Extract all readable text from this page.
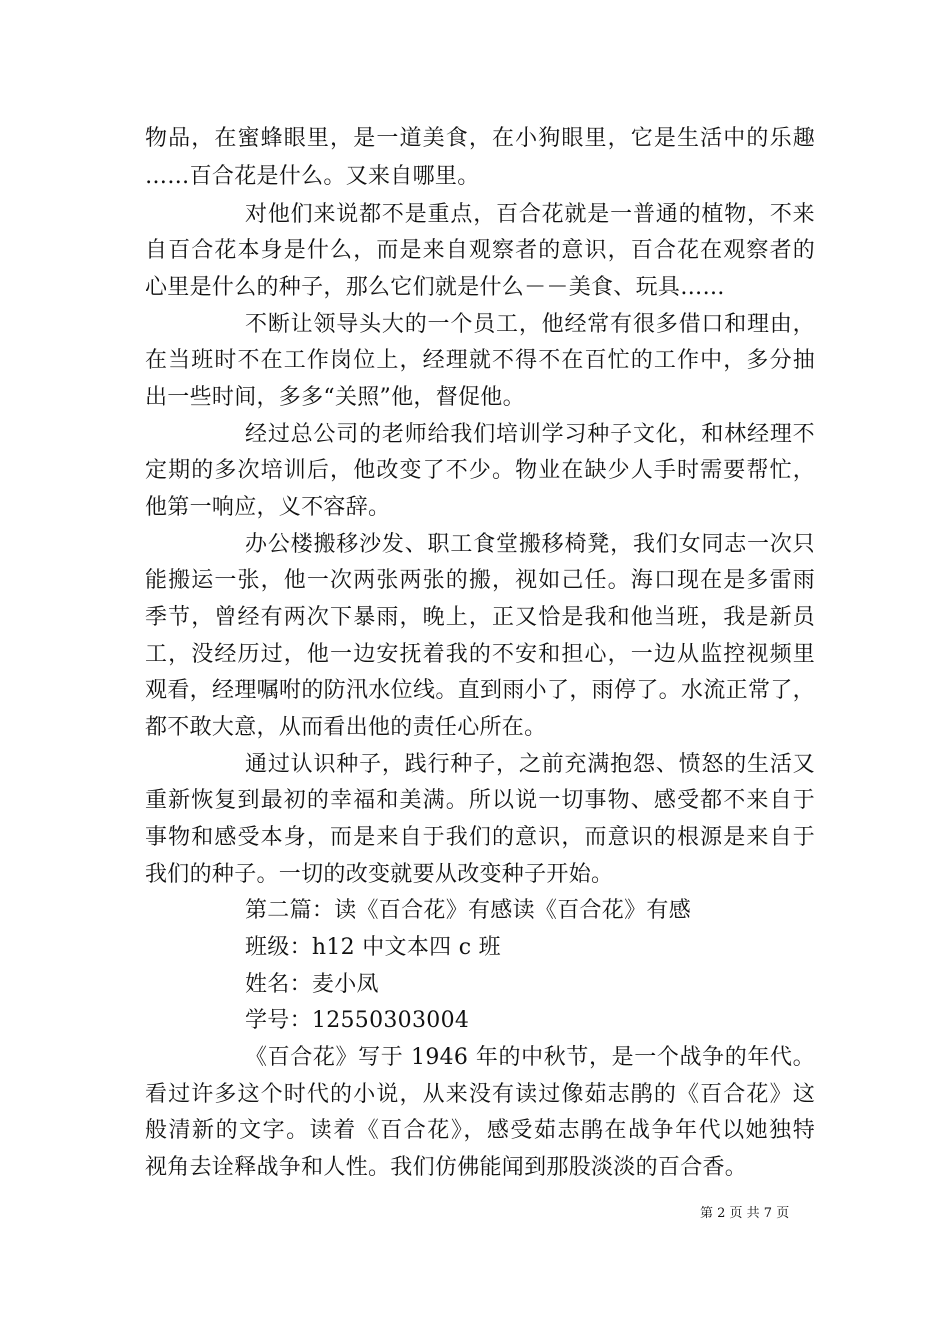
物品，在蜜蜂眼里，是一道美食，在小狗眼里，它是生活中的乐趣
……百合花是什么。又来自哪里。
对他们来说都不是重点，百合花就是一普通的植物，不来
自百合花本身是什么，而是来自观察者的意识，百合花在观察者的
心里是什么的种子，那么它们就是什么－－美食、玩具……
不断让领导头大的一个员工，他经常有很多借口和理由，
在当班时不在工作岗位上，经理就不得不在百忙的工作中，多分抽
出一些时间，多多“关照”他，督促他。
经过总公司的老师给我们培训学习种子文化，和林经理不
定期的多次培训后，他改变了不少。物业在缺少人手时需要帮忙，
他第一响应，义不容辞。
办公楼搬移沙发、职工食堂搬移椅凳，我们女同志一次只
能搬运一张，他一次两张两张的搬，视如己任。海口现在是多雷雨
季节，曾经有两次下暴雨，晚上，正又恰是我和他当班，我是新员
工，没经历过，他一边安抚着我的不安和担心，一边从监控视频里
观看，经理嘱咐的防汛水位线。直到雨小了，雨停了。水流正常了，
都不敢大意，从而看出他的责任心所在。
通过认识种子，践行种子，之前充满抱怨、愤怒的生活又
重新恢复到最初的幸福和美满。所以说一切事物、感受都不来自于
事物和感受本身，而是来自于我们的意识，而意识的根源是来自于
我们的种子。一切的改变就要从改变种子开始。
第二篇：读《百合花》有感读《百合花》有感
班级：h12 中文本四 c 班
姓名：麦小凤
学号：12550303004
《百合花》写于 1946 年的中秋节，是一个战争的年代。
看过许多这个时代的小说，从来没有读过像茹志鹃的《百合花》这
般清新的文字。读着《百合花》，感受茹志鹃在战争年代以她独特
视角去诠释战争和人性。我们仿佛能闻到那股淡淡的百合香。
第 2 页 共 7 页
